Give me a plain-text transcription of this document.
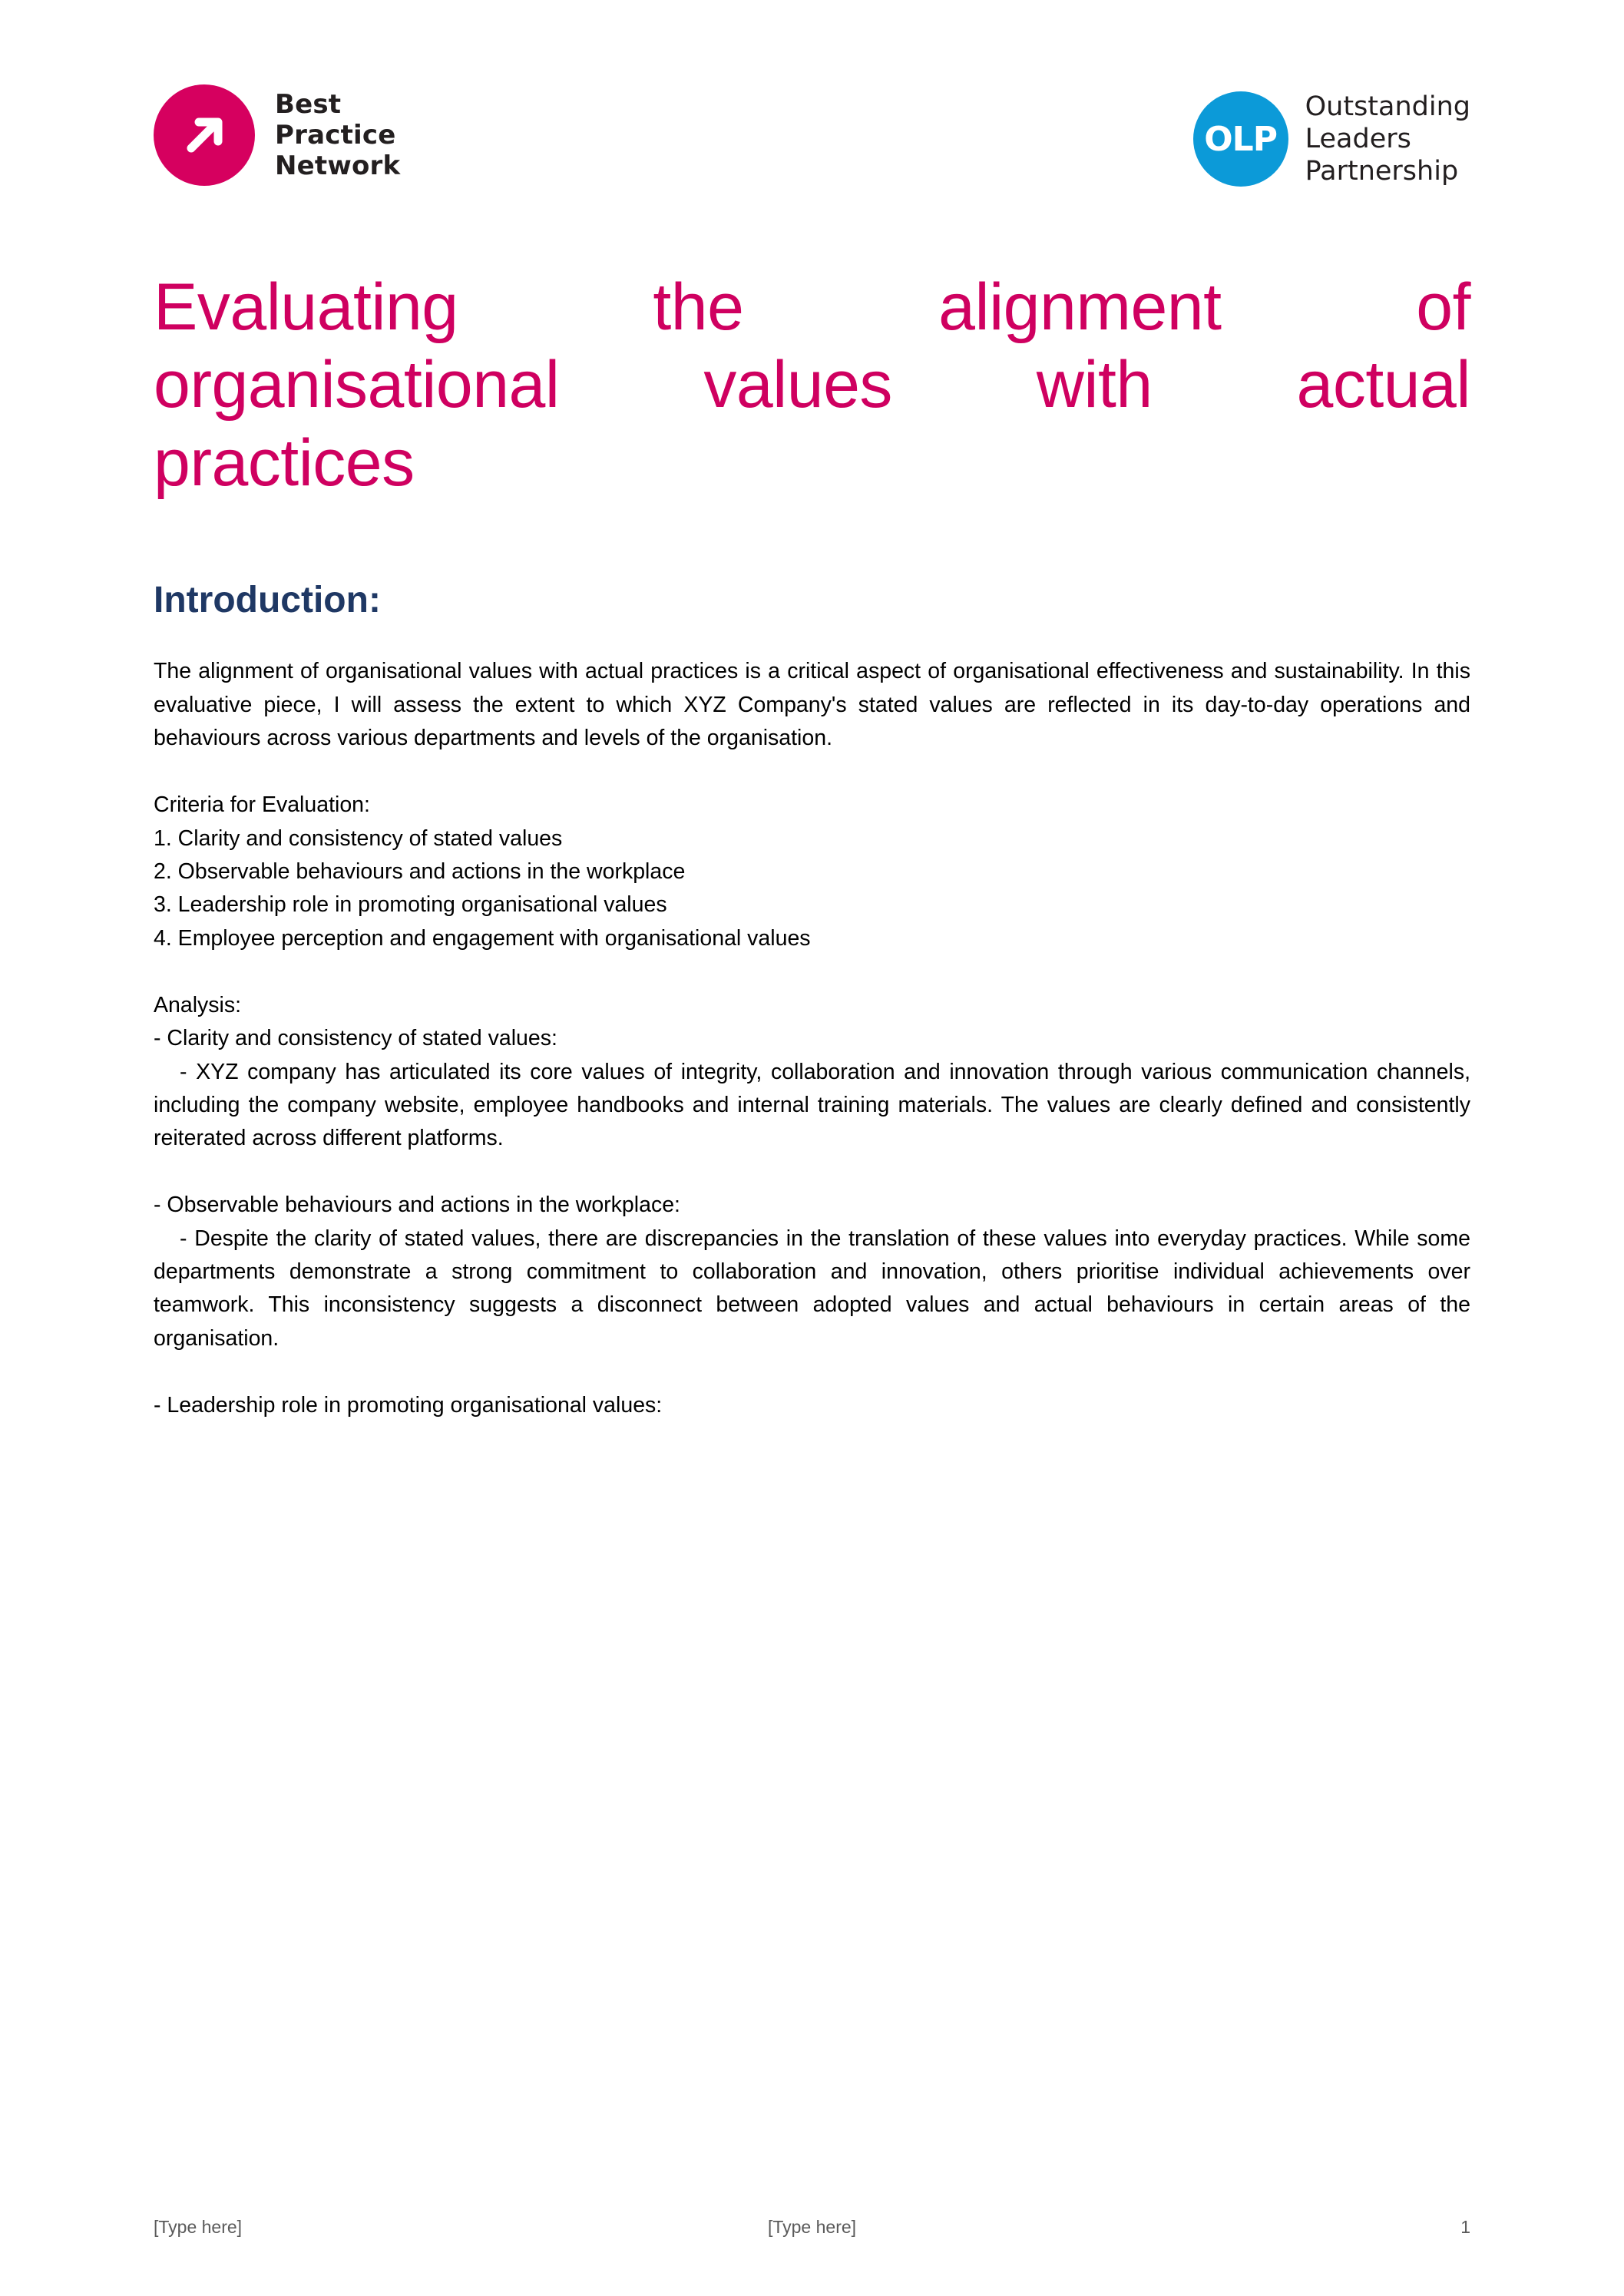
Best
Practice
Network
OLP
Outstanding
Leaders
Partnership
Evaluating the alignment of
organisational values with actual
practices
Introduction:

The alignment of organisational values with actual practices is a critical aspect of organisational effectiveness and sustainability. In this evaluative piece, I will assess the extent to which XYZ Company's stated values are reflected in its day-to-day operations and behaviours across various departments and levels of the organisation.

Criteria for Evaluation:

1. Clarity and consistency of stated values

2. Observable behaviours and actions in the workplace

3. Leadership role in promoting organisational values

4. Employee perception and engagement with organisational values

Analysis:

- Clarity and consistency of stated values:

- XYZ company has articulated its core values of integrity, collaboration and innovation through various communication channels, including the company website, employee handbooks and internal training materials. The values are clearly defined and consistently reiterated across different platforms.

- Observable behaviours and actions in the workplace:

- Despite the clarity of stated values, there are discrepancies in the translation of these values into everyday practices. While some departments demonstrate a strong commitment to collaboration and innovation, others prioritise individual achievements over teamwork. This inconsistency suggests a disconnect between adopted values and actual behaviours in certain areas of the organisation.

- Leadership role in promoting organisational values:

[Type here]	[Type here]	1
